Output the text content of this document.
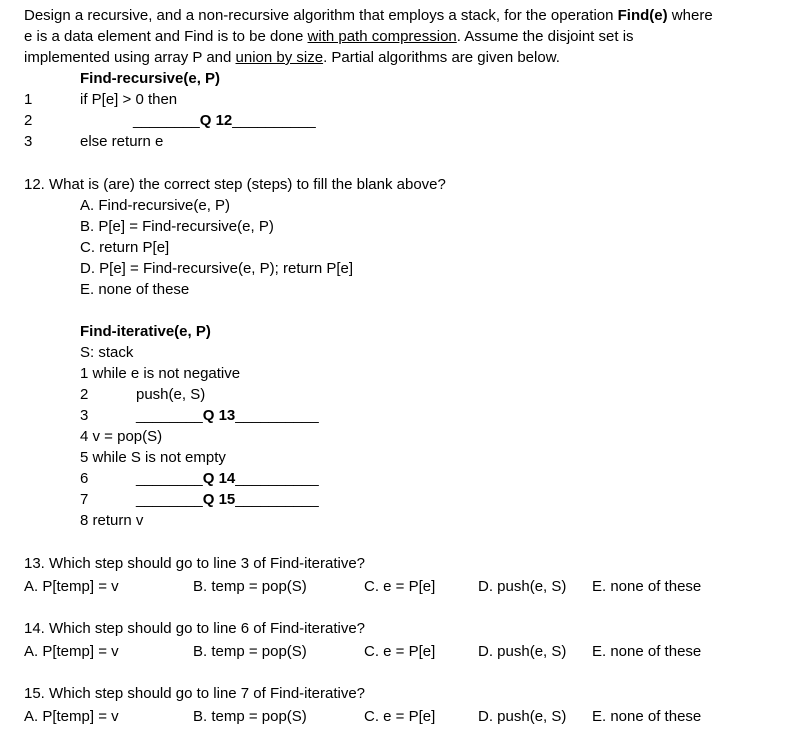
Design a recursive, and a non-recursive algorithm that employs a stack, for the operation Find(e) where
e is a data element and Find is to be done with path compression. Assume the disjoint set is
implemented using array P and union by size. Partial algorithms are given below.
Find-recursive(e, P)
1	if P[e] > 0 then
2	________Q 12__________
3	else return e
12. What is (are) the correct step (steps) to fill the blank above?
A. Find-recursive(e, P)
B. P[e] = Find-recursive(e, P)
C. return P[e]
D. P[e] = Find-recursive(e, P); return P[e]
E. none of these
Find-iterative(e, P)
S: stack
1 while e is not negative
2	push(e, S)
3	________Q 13__________
4 v = pop(S)
5 while S is not empty
6	________Q 14__________
7	________Q 15__________
8 return v
13. Which step should go to line 3 of Find-iterative?
A. P[temp] = v	B. temp = pop(S)	C. e = P[e]	D. push(e, S)	E. none of these
14. Which step should go to line 6 of Find-iterative?
A. P[temp] = v	B. temp = pop(S)	C. e = P[e]	D. push(e, S)	E. none of these
15. Which step should go to line 7 of Find-iterative?
A. P[temp] = v	B. temp = pop(S)	C. e = P[e]	D. push(e, S)	E. none of these
